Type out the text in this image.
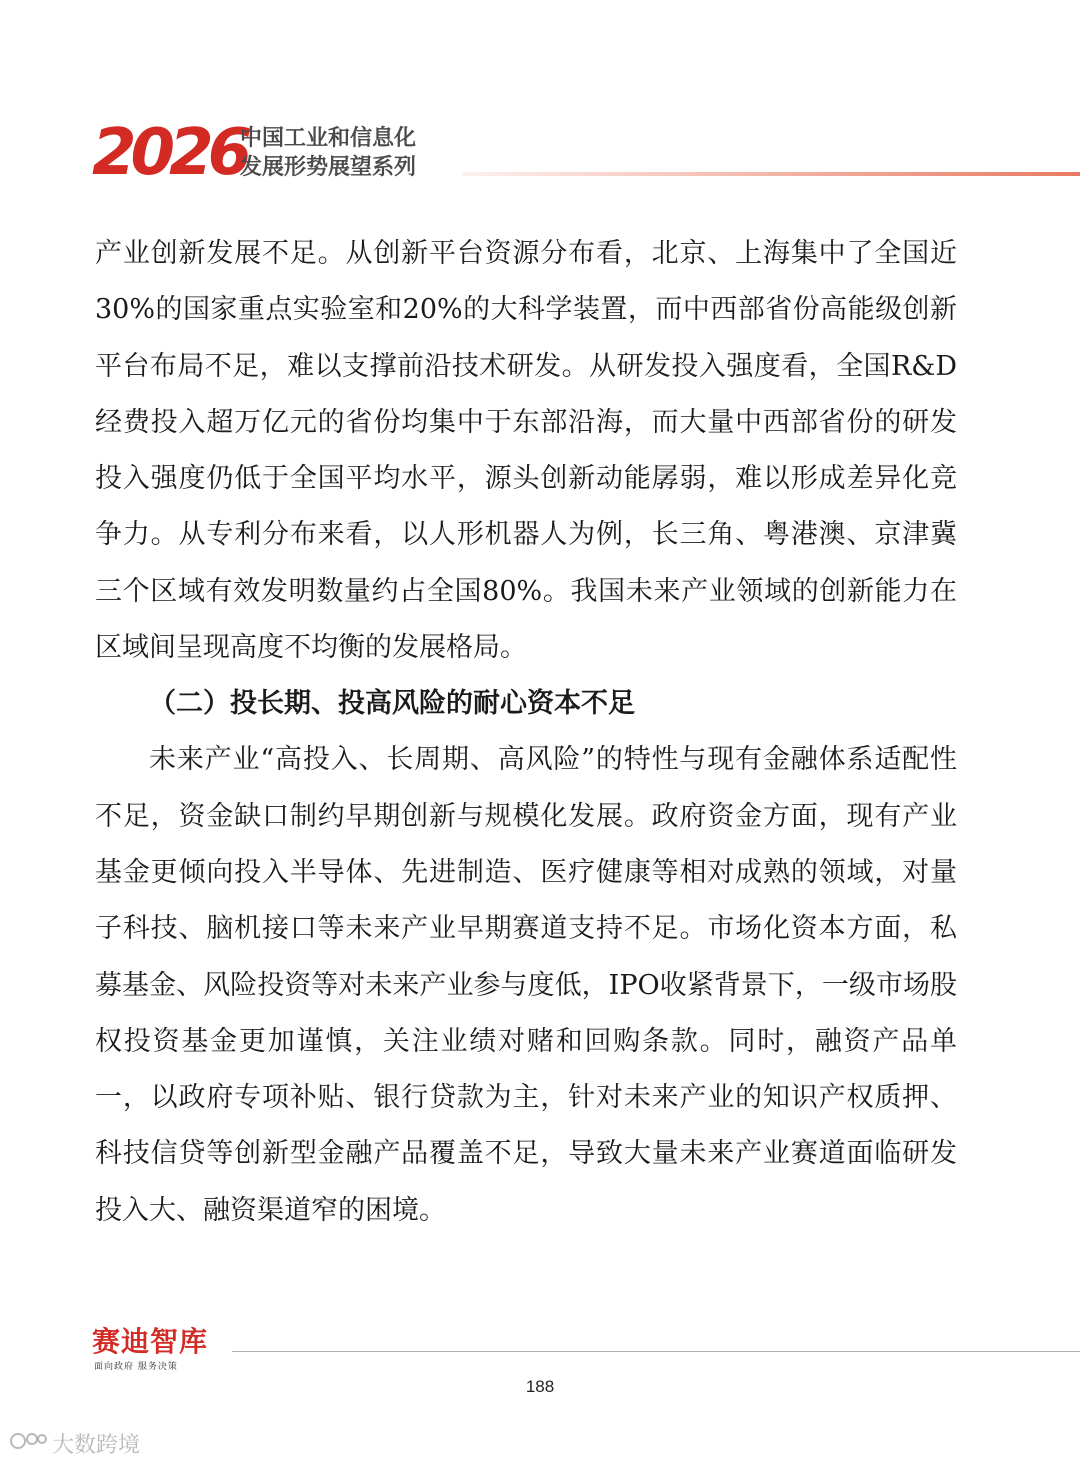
2026
中国工业和信息化
发展形势展望系列

产业创新发展不足。从创新平台资源分布看，北京、上海集中了全国近30%的国家重点实验室和20%的大科学装置，而中西部省份高能级创新平台布局不足，难以支撑前沿技术研发。从研发投入强度看，全国R&D经费投入超万亿元的省份均集中于东部沿海，而大量中西部省份的研发投入强度仍低于全国平均水平，源头创新动能孱弱，难以形成差异化竞争力。从专利分布来看，以人形机器人为例，长三角、粤港澳、京津冀三个区域有效发明数量约占全国80%。我国未来产业领域的创新能力在区域间呈现高度不均衡的发展格局。

（二）投长期、投高风险的耐心资本不足

未来产业“高投入、长周期、高风险”的特性与现有金融体系适配性不足，资金缺口制约早期创新与规模化发展。政府资金方面，现有产业基金更倾向投入半导体、先进制造、医疗健康等相对成熟的领域，对量子科技、脑机接口等未来产业早期赛道支持不足。市场化资本方面，私募基金、风险投资等对未来产业参与度低，IPO收紧背景下，一级市场股权投资基金更加谨慎，关注业绩对赌和回购条款。同时，融资产品单一，以政府专项补贴、银行贷款为主，针对未来产业的知识产权质押、科技信贷等创新型金融产品覆盖不足，导致大量未来产业赛道面临研发投入大、融资渠道窄的困境。

赛迪智库
面向政府 服务决策
188
大数跨境
